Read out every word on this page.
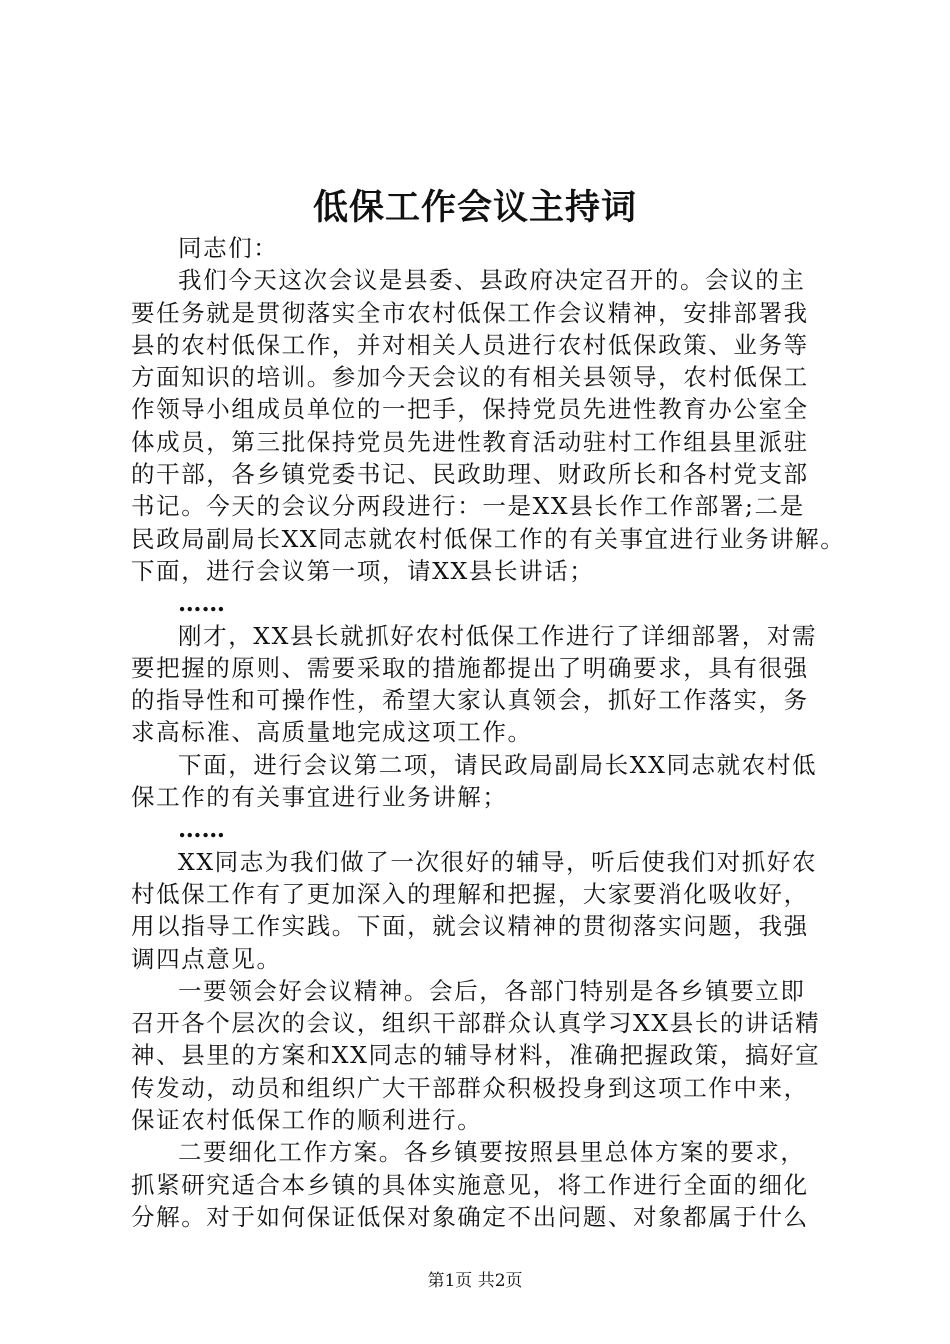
低保工作会议主持词
同志们：
我们今天这次会议是县委、县政府决定召开的。会议的主
要任务就是贯彻落实全市农村低保工作会议精神，安排部署我
县的农村低保工作，并对相关人员进行农村低保政策、业务等
方面知识的培训。参加今天会议的有相关县领导，农村低保工
作领导小组成员单位的一把手，保持党员先进性教育办公室全
体成员，第三批保持党员先进性教育活动驻村工作组县里派驻
的干部，各乡镇党委书记、民政助理、财政所长和各村党支部
书记。今天的会议分两段进行：一是XX县长作工作部署;二是
民政局副局长XX同志就农村低保工作的有关事宜进行业务讲解。
下面，进行会议第一项，请XX县长讲话；
……
刚才，XX县长就抓好农村低保工作进行了详细部署，对需
要把握的原则、需要采取的措施都提出了明确要求，具有很强
的指导性和可操作性，希望大家认真领会，抓好工作落实，务
求高标准、高质量地完成这项工作。
下面，进行会议第二项，请民政局副局长XX同志就农村低
保工作的有关事宜进行业务讲解；
……
XX同志为我们做了一次很好的辅导，听后使我们对抓好农
村低保工作有了更加深入的理解和把握，大家要消化吸收好，
用以指导工作实践。下面，就会议精神的贯彻落实问题，我强
调四点意见。
一要领会好会议精神。会后，各部门特别是各乡镇要立即
召开各个层次的会议，组织干部群众认真学习XX县长的讲话精
神、县里的方案和XX同志的辅导材料，准确把握政策，搞好宣
传发动，动员和组织广大干部群众积极投身到这项工作中来，
保证农村低保工作的顺利进行。
二要细化工作方案。各乡镇要按照县里总体方案的要求，
抓紧研究适合本乡镇的具体实施意见，将工作进行全面的细化
分解。对于如何保证低保对象确定不出问题、对象都属于什么
第1页 共2页
